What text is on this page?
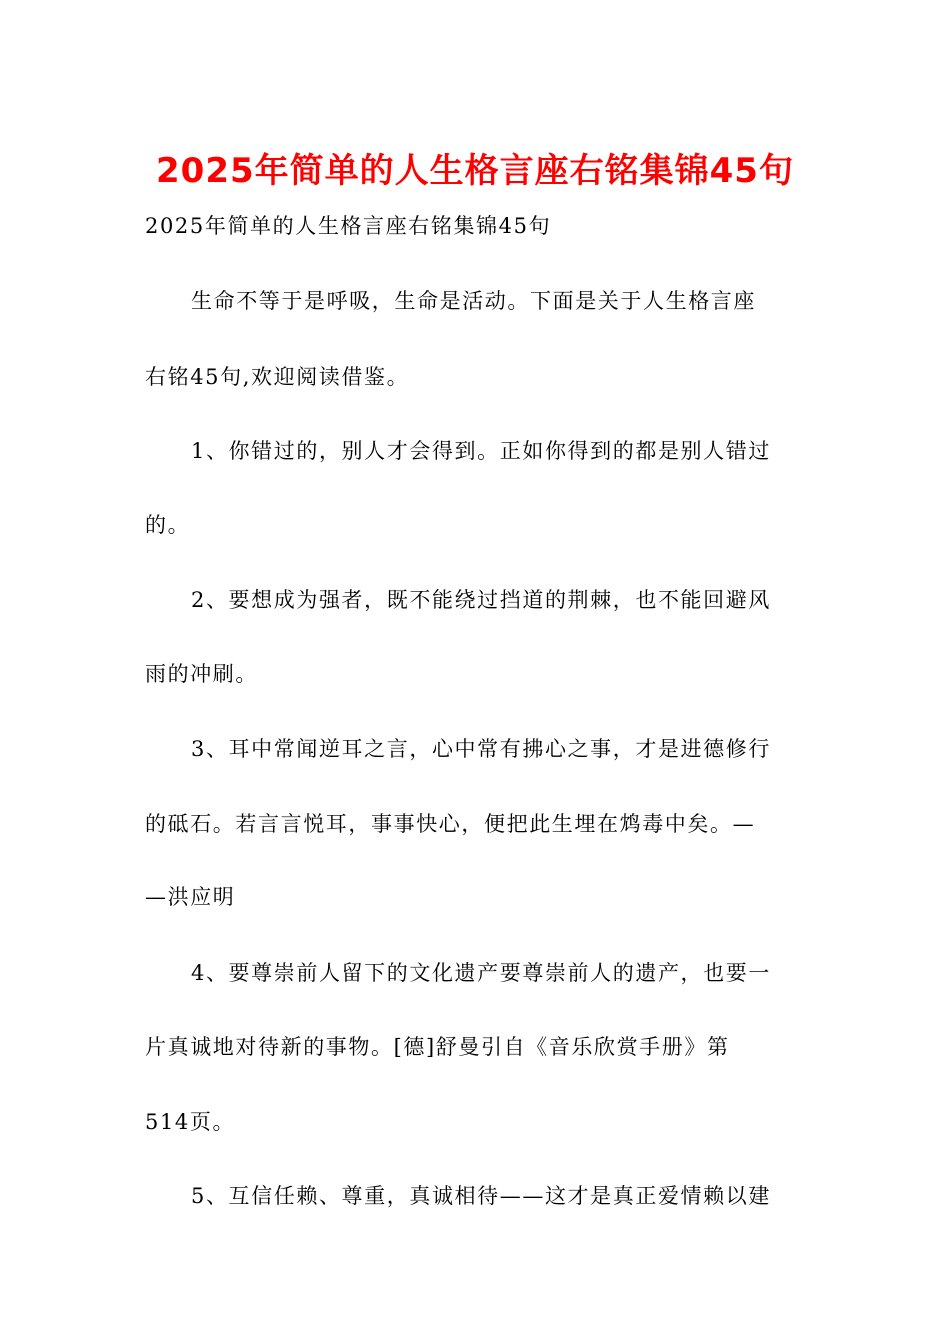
2025年简单的人生格言座右铭集锦45句

2025年简单的人生格言座右铭集锦45句

生命不等于是呼吸，生命是活动。下面是关于人生格言座

右铭45句,欢迎阅读借鉴。

1、你错过的，别人才会得到。正如你得到的都是别人错过

的。

2、要想成为强者，既不能绕过挡道的荆棘，也不能回避风

雨的冲刷。

3、耳中常闻逆耳之言，心中常有拂心之事，才是进德修行

的砥石。若言言悦耳，事事快心，便把此生埋在鸩毒中矣。—

—洪应明

4、要尊崇前人留下的文化遗产要尊崇前人的遗产，也要一

片真诚地对待新的事物。[德]舒曼引自《音乐欣赏手册》第

514页。

5、互信任赖、尊重，真诚相待——这才是真正爱情赖以建
